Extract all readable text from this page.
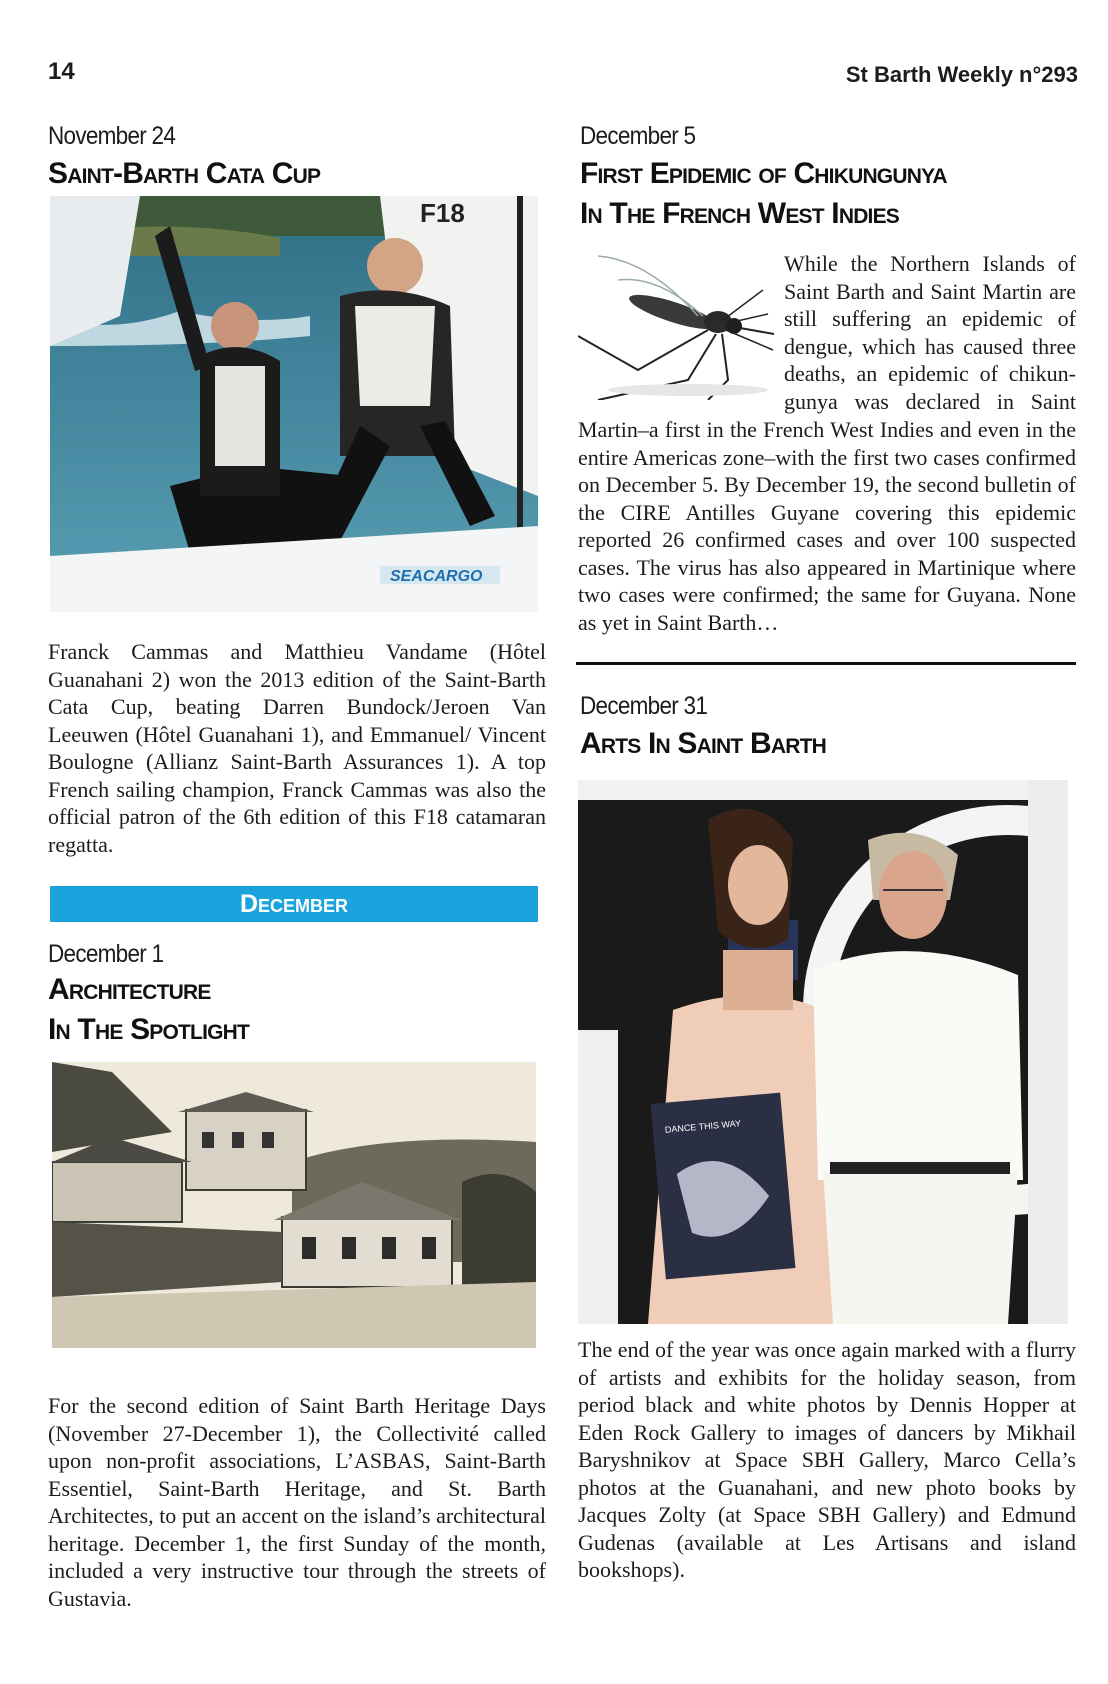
14	St Barth Weekly n°293
November 24
Saint-Barth Cata Cup
F18
SEACARGO
Franck Cammas and Matthieu Vandame (Hôtel Guanahani 2) won the 2013 edition of the Saint-Barth Cata Cup, beating Darren Bundock/Jeroen Van Leeuwen (Hôtel Guanahani 1), and Emmanuel/ Vincent Boulogne (Allianz Saint-Barth Assurances 1). A top French sailing champion, Franck Cammas was also the official patron of the 6th edition of this F18 catamaran regatta.
December
December 1
Architecture
In The Spotlight
For the second edition of Saint Barth Heritage Days (November 27-December 1), the Collectivité called upon non-profit associations, L’ASBAS, Saint-Barth Essentiel, Saint-Barth Heritage, and St. Barth Architectes, to put an accent on the island’s architectural heritage. December 1, the first Sunday of the month, included a very instructive tour through the streets of Gustavia.
December 5
First Epidemic of Chikungunya
In The French West Indies
While the Northern Islands of
Saint Barth and Saint Martin are
still suffering an epidemic of
dengue, which has caused three
deaths, an epidemic of chikun-
gunya was declared in Saint
Martin–a first in the French West Indies and even in the entire Americas zone–with the first two cases confirmed on December 5. By December 19, the second bulletin of the CIRE Antilles Guyane covering this epidemic reported 26 confirmed cases and over 100 suspected cases. The virus has also appeared in Martinique where two cases were confirmed; the same for Guyana. None as yet in Saint Barth…
December 31
Arts In Saint Barth
DANCE THIS WAY
The end of the year was once again marked with a flurry of artists and exhibits for the holiday season, from period black and white photos by Dennis Hopper at Eden Rock Gallery to images of dancers by Mikhail Baryshnikov at Space SBH Gallery, Marco Cella’s photos at the Guanahani, and new photo books by Jacques Zolty (at Space SBH Gallery) and Edmund Gudenas (available at Les Artisans and island bookshops).
